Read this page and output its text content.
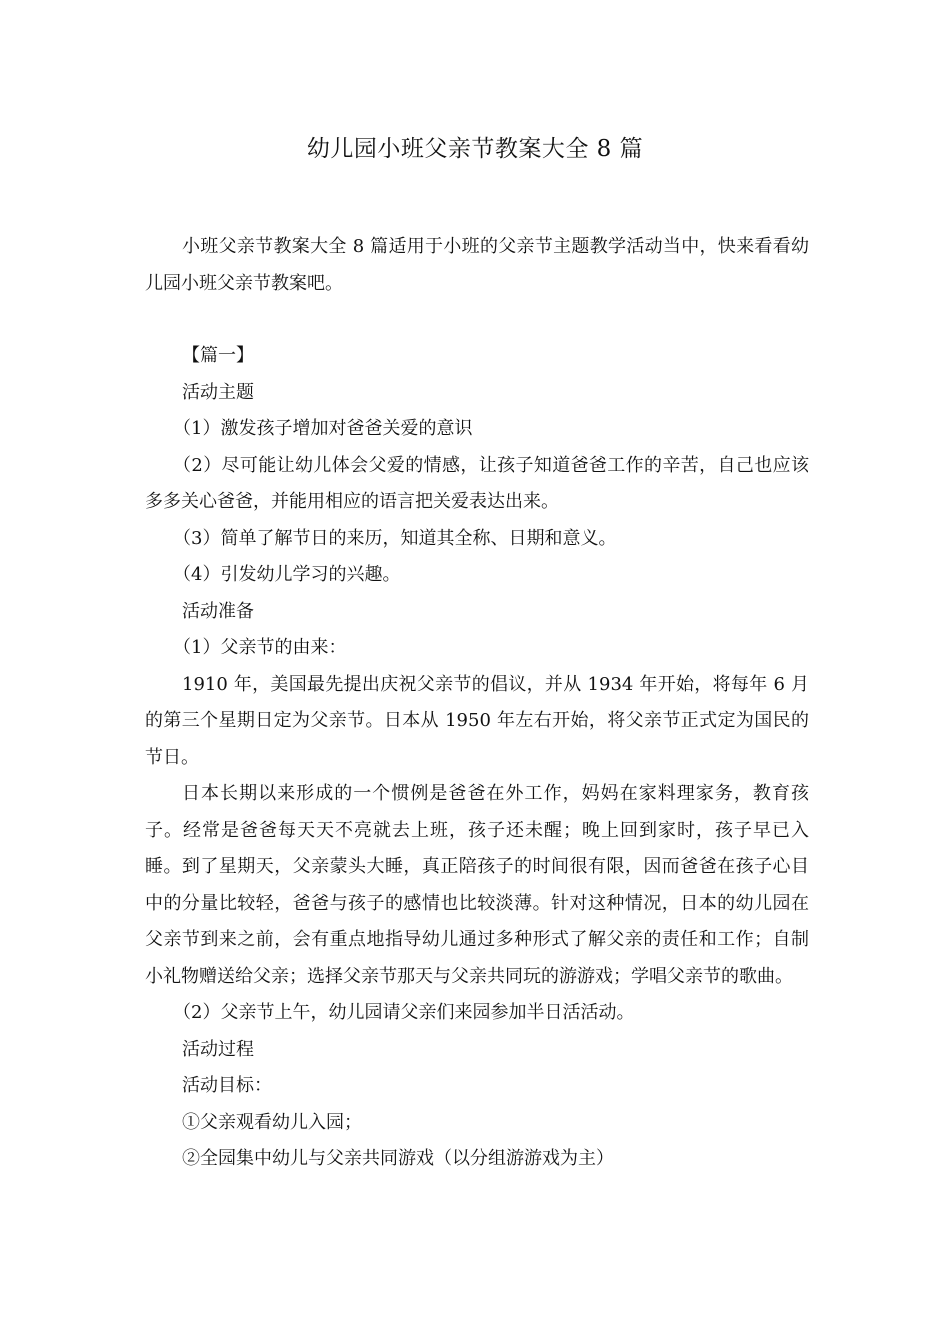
幼儿园小班父亲节教案大全 8 篇

小班父亲节教案大全 8 篇适用于小班的父亲节主题教学活动当中，快来看看幼儿园小班父亲节教案吧。

【篇一】

活动主题

（1）激发孩子增加对爸爸关爱的意识

（2）尽可能让幼儿体会父爱的情感，让孩子知道爸爸工作的辛苦，自己也应该多多关心爸爸，并能用相应的语言把关爱表达出来。

（3）简单了解节日的来历，知道其全称、日期和意义。

（4）引发幼儿学习的兴趣。

活动准备

（1）父亲节的由来：

1910 年，美国最先提出庆祝父亲节的倡议，并从 1934 年开始，将每年 6 月的第三个星期日定为父亲节。日本从 1950 年左右开始，将父亲节正式定为国民的节日。

日本长期以来形成的一个惯例是爸爸在外工作，妈妈在家料理家务，教育孩子。经常是爸爸每天天不亮就去上班，孩子还未醒；晚上回到家时，孩子早已入睡。到了星期天，父亲蒙头大睡，真正陪孩子的时间很有限，因而爸爸在孩子心目中的分量比较轻，爸爸与孩子的感情也比较淡薄。针对这种情况，日本的幼儿园在父亲节到来之前，会有重点地指导幼儿通过多种形式了解父亲的责任和工作；自制小礼物赠送给父亲；选择父亲节那天与父亲共同玩的游游戏；学唱父亲节的歌曲。

（2）父亲节上午，幼儿园请父亲们来园参加半日活活动。

活动过程

活动目标：

①父亲观看幼儿入园；

②全园集中幼儿与父亲共同游戏（以分组游游戏为主）
